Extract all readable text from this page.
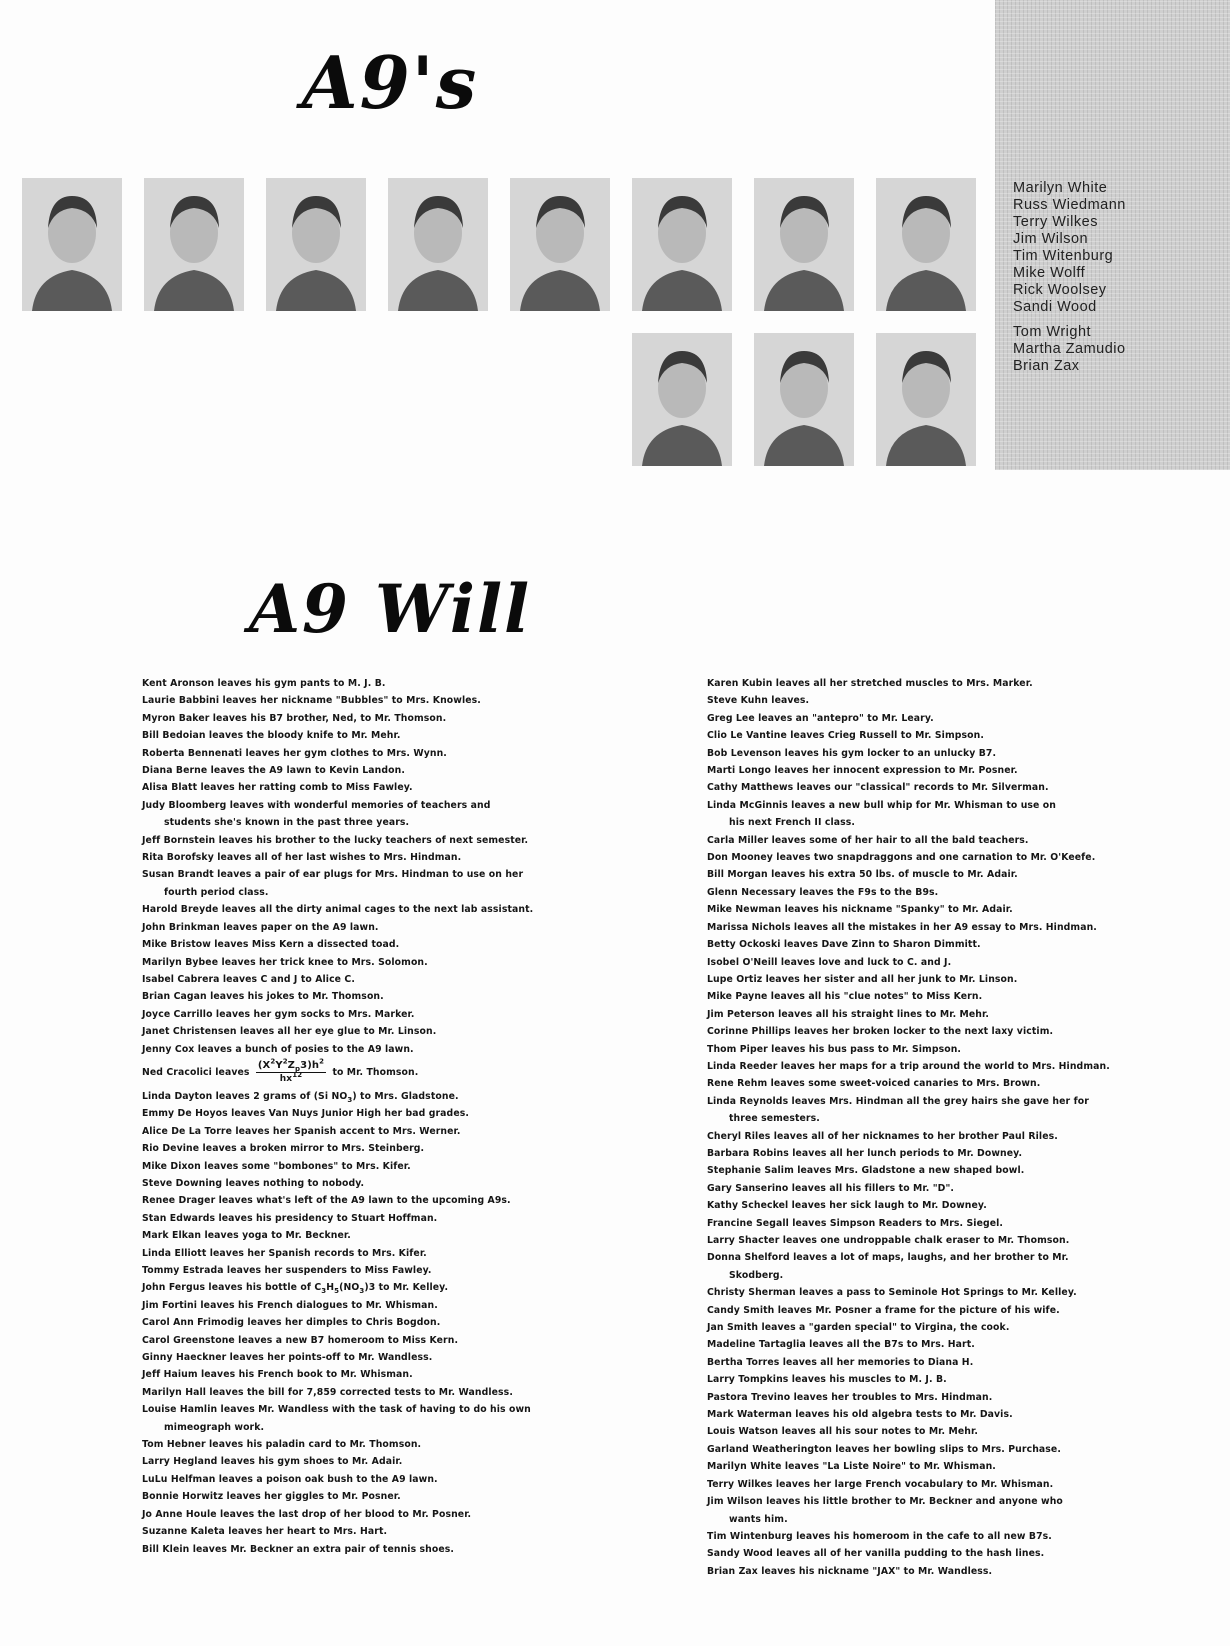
A9's
Marilyn White
Russ Wiedmann
Terry Wilkes
Jim Wilson
Tim Witenburg
Mike Wolff
Rick Woolsey
Sandi Wood
Tom Wright
Martha Zamudio
Brian Zax
A9 Will
Kent Aronson leaves his gym pants to M. J. B.
Laurie Babbini leaves her nickname "Bubbles" to Mrs. Knowles.
Myron Baker leaves his B7 brother, Ned, to Mr. Thomson.
Bill Bedoian leaves the bloody knife to Mr. Mehr.
Roberta Bennenati leaves her gym clothes to Mrs. Wynn.
Diana Berne leaves the A9 lawn to Kevin Landon.
Alisa Blatt leaves her ratting comb to Miss Fawley.
Judy Bloomberg leaves with wonderful memories of teachers and
students she's known in the past three years.
Jeff Bornstein leaves his brother to the lucky teachers of next semester.
Rita Borofsky leaves all of her last wishes to Mrs. Hindman.
Susan Brandt leaves a pair of ear plugs for Mrs. Hindman to use on her
fourth period class.
Harold Breyde leaves all the dirty animal cages to the next lab assistant.
John Brinkman leaves paper on the A9 lawn.
Mike Bristow leaves Miss Kern a dissected toad.
Marilyn Bybee leaves her trick knee to Mrs. Solomon.
Isabel Cabrera leaves C and J to Alice C.
Brian Cagan leaves his jokes to Mr. Thomson.
Joyce Carrillo leaves her gym socks to Mrs. Marker.
Janet Christensen leaves all her eye glue to Mr. Linson.
Jenny Cox leaves a bunch of posies to the A9 lawn.
Ned Cracolici leaves $\frac{(X^2Y^2Z_p3)h^2}{hx^{12}}$ to Mr. Thomson.
Linda Dayton leaves 2 grams of (Si $NO_3$) to Mrs. Gladstone.
Emmy De Hoyos leaves Van Nuys Junior High her bad grades.
Alice De La Torre leaves her Spanish accent to Mrs. Werner.
Rio Devine leaves a broken mirror to Mrs. Steinberg.
Mike Dixon leaves some "bombones" to Mrs. Kifer.
Steve Downing leaves nothing to nobody.
Renee Drager leaves what's left of the A9 lawn to the upcoming A9s.
Stan Edwards leaves his presidency to Stuart Hoffman.
Mark Elkan leaves yoga to Mr. Beckner.
Linda Elliott leaves her Spanish records to Mrs. Kifer.
Tommy Estrada leaves her suspenders to Miss Fawley.
John Fergus leaves his bottle of $C_3H_5(NO_3)3$ to Mr. Kelley.
Jim Fortini leaves his French dialogues to Mr. Whisman.
Carol Ann Frimodig leaves her dimples to Chris Bogdon.
Carol Greenstone leaves a new B7 homeroom to Miss Kern.
Ginny Haeckner leaves her points-off to Mr. Wandless.
Jeff Haium leaves his French book to Mr. Whisman.
Marilyn Hall leaves the bill for 7,859 corrected tests to Mr. Wandless.
Louise Hamlin leaves Mr. Wandless with the task of having to do his own
mimeograph work.
Tom Hebner leaves his paladin card to Mr. Thomson.
Larry Hegland leaves his gym shoes to Mr. Adair.
LuLu Helfman leaves a poison oak bush to the A9 lawn.
Bonnie Horwitz leaves her giggles to Mr. Posner.
Jo Anne Houle leaves the last drop of her blood to Mr. Posner.
Suzanne Kaleta leaves her heart to Mrs. Hart.
Bill Klein leaves Mr. Beckner an extra pair of tennis shoes.
Karen Kubin leaves all her stretched muscles to Mrs. Marker.
Steve Kuhn leaves.
Greg Lee leaves an "antepro" to Mr. Leary.
Clio Le Vantine leaves Crieg Russell to Mr. Simpson.
Bob Levenson leaves his gym locker to an unlucky B7.
Marti Longo leaves her innocent expression to Mr. Posner.
Cathy Matthews leaves our "classical" records to Mr. Silverman.
Linda McGinnis leaves a new bull whip for Mr. Whisman to use on
his next French II class.
Carla Miller leaves some of her hair to all the bald teachers.
Don Mooney leaves two snapdraggons and one carnation to Mr. O'Keefe.
Bill Morgan leaves his extra 50 lbs. of muscle to Mr. Adair.
Glenn Necessary leaves the F9s to the B9s.
Mike Newman leaves his nickname "Spanky" to Mr. Adair.
Marissa Nichols leaves all the mistakes in her A9 essay to Mrs. Hindman.
Betty Ockoski leaves Dave Zinn to Sharon Dimmitt.
Isobel O'Neill leaves love and luck to C. and J.
Lupe Ortiz leaves her sister and all her junk to Mr. Linson.
Mike Payne leaves all his "clue notes" to Miss Kern.
Jim Peterson leaves all his straight lines to Mr. Mehr.
Corinne Phillips leaves her broken locker to the next laxy victim.
Thom Piper leaves his bus pass to Mr. Simpson.
Linda Reeder leaves her maps for a trip around the world to Mrs. Hindman.
Rene Rehm leaves some sweet-voiced canaries to Mrs. Brown.
Linda Reynolds leaves Mrs. Hindman all the grey hairs she gave her for
three semesters.
Cheryl Riles leaves all of her nicknames to her brother Paul Riles.
Barbara Robins leaves all her lunch periods to Mr. Downey.
Stephanie Salim leaves Mrs. Gladstone a new shaped bowl.
Gary Sanserino leaves all his fillers to Mr. "D".
Kathy Scheckel leaves her sick laugh to Mr. Downey.
Francine Segall leaves Simpson Readers to Mrs. Siegel.
Larry Shacter leaves one undroppable chalk eraser to Mr. Thomson.
Donna Shelford leaves a lot of maps, laughs, and her brother to Mr.
Skodberg.
Christy Sherman leaves a pass to Seminole Hot Springs to Mr. Kelley.
Candy Smith leaves Mr. Posner a frame for the picture of his wife.
Jan Smith leaves a "garden special" to Virgina, the cook.
Madeline Tartaglia leaves all the B7s to Mrs. Hart.
Bertha Torres leaves all her memories to Diana H.
Larry Tompkins leaves his muscles to M. J. B.
Pastora Trevino leaves her troubles to Mrs. Hindman.
Mark Waterman leaves his old algebra tests to Mr. Davis.
Louis Watson leaves all his sour notes to Mr. Mehr.
Garland Weatherington leaves her bowling slips to Mrs. Purchase.
Marilyn White leaves "La Liste Noire" to Mr. Whisman.
Terry Wilkes leaves her large French vocabulary to Mr. Whisman.
Jim Wilson leaves his little brother to Mr. Beckner and anyone who
wants him.
Tim Wintenburg leaves his homeroom in the cafe to all new B7s.
Sandy Wood leaves all of her vanilla pudding to the hash lines.
Brian Zax leaves his nickname "JAX" to Mr. Wandless.
